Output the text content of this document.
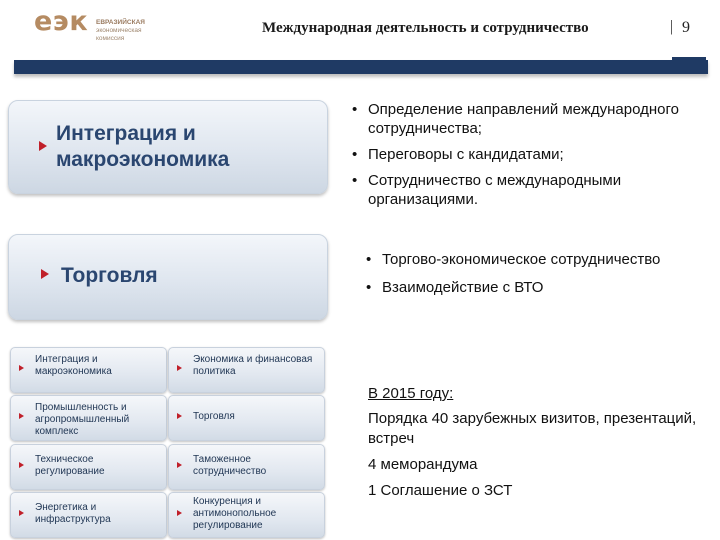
еэк ЕВРАЗИЙСКАЯ
экономическая
комиссия
Международная деятельность и сотрудничество	| 9
Интеграция и макроэкономика
Торговля
Интеграция и макроэкономика
Экономика и финансовая политика
Промышленность и агропромышленный комплекс
Торговля
Техническое регулирование
Таможенное сотрудничество
Энергетика и инфраструктура
Конкуренция и антимонопольное регулирование
• Определение направлений международного сотрудничества;
• Переговоры с кандидатами;
• Сотрудничество с международными организациями.
• Торгово-экономическое сотрудничество
• Взаимодействие с ВТО
В 2015 году:
Порядка 40 зарубежных визитов, презентаций, встреч
4 меморандума
1 Соглашение о ЗСТ
